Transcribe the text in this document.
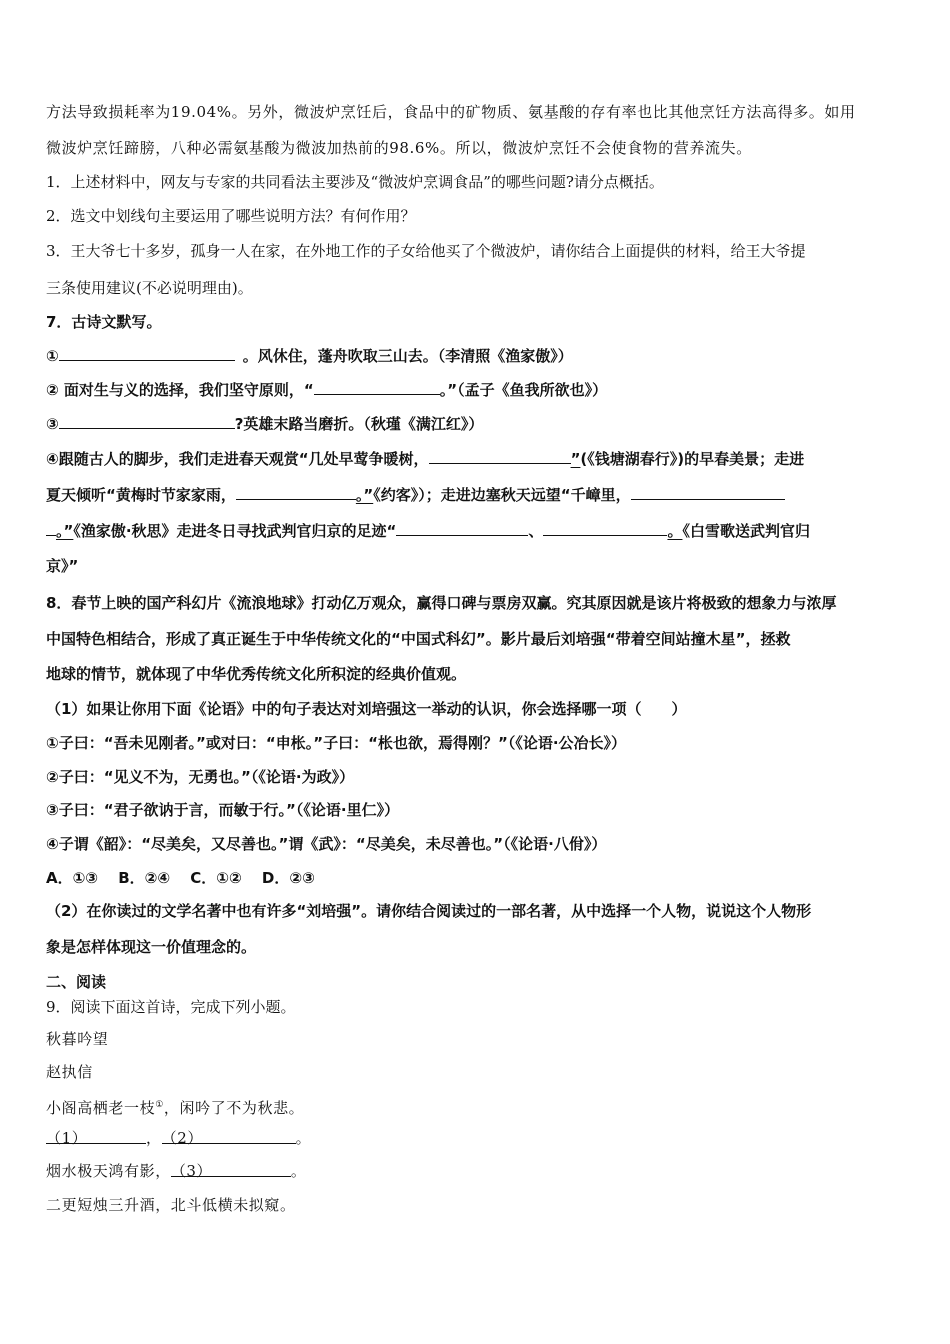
方法导致损耗率为19.04%。另外，微波炉烹饪后，食品中的矿物质、氨基酸的存有率也比其他烹饪方法高得多。如用
微波炉烹饪蹄膀，八种必需氨基酸为微波加热前的98.6%。所以，微波炉烹饪不会使食物的营养流失。
1．上述材料中，网友与专家的共同看法主要涉及“微波炉烹调食品”的哪些问题?请分点概括。
2．选文中划线句主要运用了哪些说明方法？有何作用？
3．王大爷七十多岁，孤身一人在家，在外地工作的子女给他买了个微波炉，请你结合上面提供的材料，给王大爷提
三条使用建议(不必说明理由)。
7．古诗文默写。
①	。风休住，蓬舟吹取三山去。（李清照《渔家傲》）
② 面对生与义的选择，我们坚守原则，“	。”（孟子《鱼我所欲也》）
③	?英雄末路当磨折。（秋瑾《满江红》）
④跟随古人的脚步，我们走进春天观赏“几处早莺争暖树，	”(《钱塘湖春行》)的早春美景；走进
夏天倾听“黄梅时节家家雨，	。”《约客》）；走进边塞秋天远望“千嶂里，
。”《渔家傲·秋思》走进冬日寻找武判官归京的足迹“	、	。《白雪歌送武判官归
京》”
8．春节上映的国产科幻片《流浪地球》打动亿万观众，赢得口碑与票房双赢。究其原因就是该片将极致的想象力与浓厚
中国特色相结合，形成了真正诞生于中华传统文化的“中国式科幻”。影片最后刘培强“带着空间站撞木星”，拯救
地球的情节，就体现了中华优秀传统文化所积淀的经典价值观。
（1）如果让你用下面《论语》中的句子表达对刘培强这一举动的认识，你会选择哪一项（　　）
①子曰：“吾未见刚者。”或对曰：“申枨。”子曰：“枨也欲，焉得刚？”（《论语·公冶长》）
②子曰：“见义不为，无勇也。”（《论语·为政》）
③子曰：“君子欲讷于言，而敏于行。”（《论语·里仁》）
④子谓《韶》：“尽美矣，又尽善也。”谓《武》：“尽美矣，未尽善也。”（《论语·八佾》）
A．①③　 B．②④　 C．①②　 D．②③
（2）在你读过的文学名著中也有许多“刘培强”。请你结合阅读过的一部名著，从中选择一个人物，说说这个人物形
象是怎样体现这一价值理念的。
二、阅读
9．阅读下面这首诗，完成下列小题。
秋暮吟望
赵执信
小阁高栖老一枝①，闲吟了不为秋悲。
（1）	，（2）	。
烟水极天鸿有影，（3）	。
二更短烛三升酒，北斗低横未拟窥。
